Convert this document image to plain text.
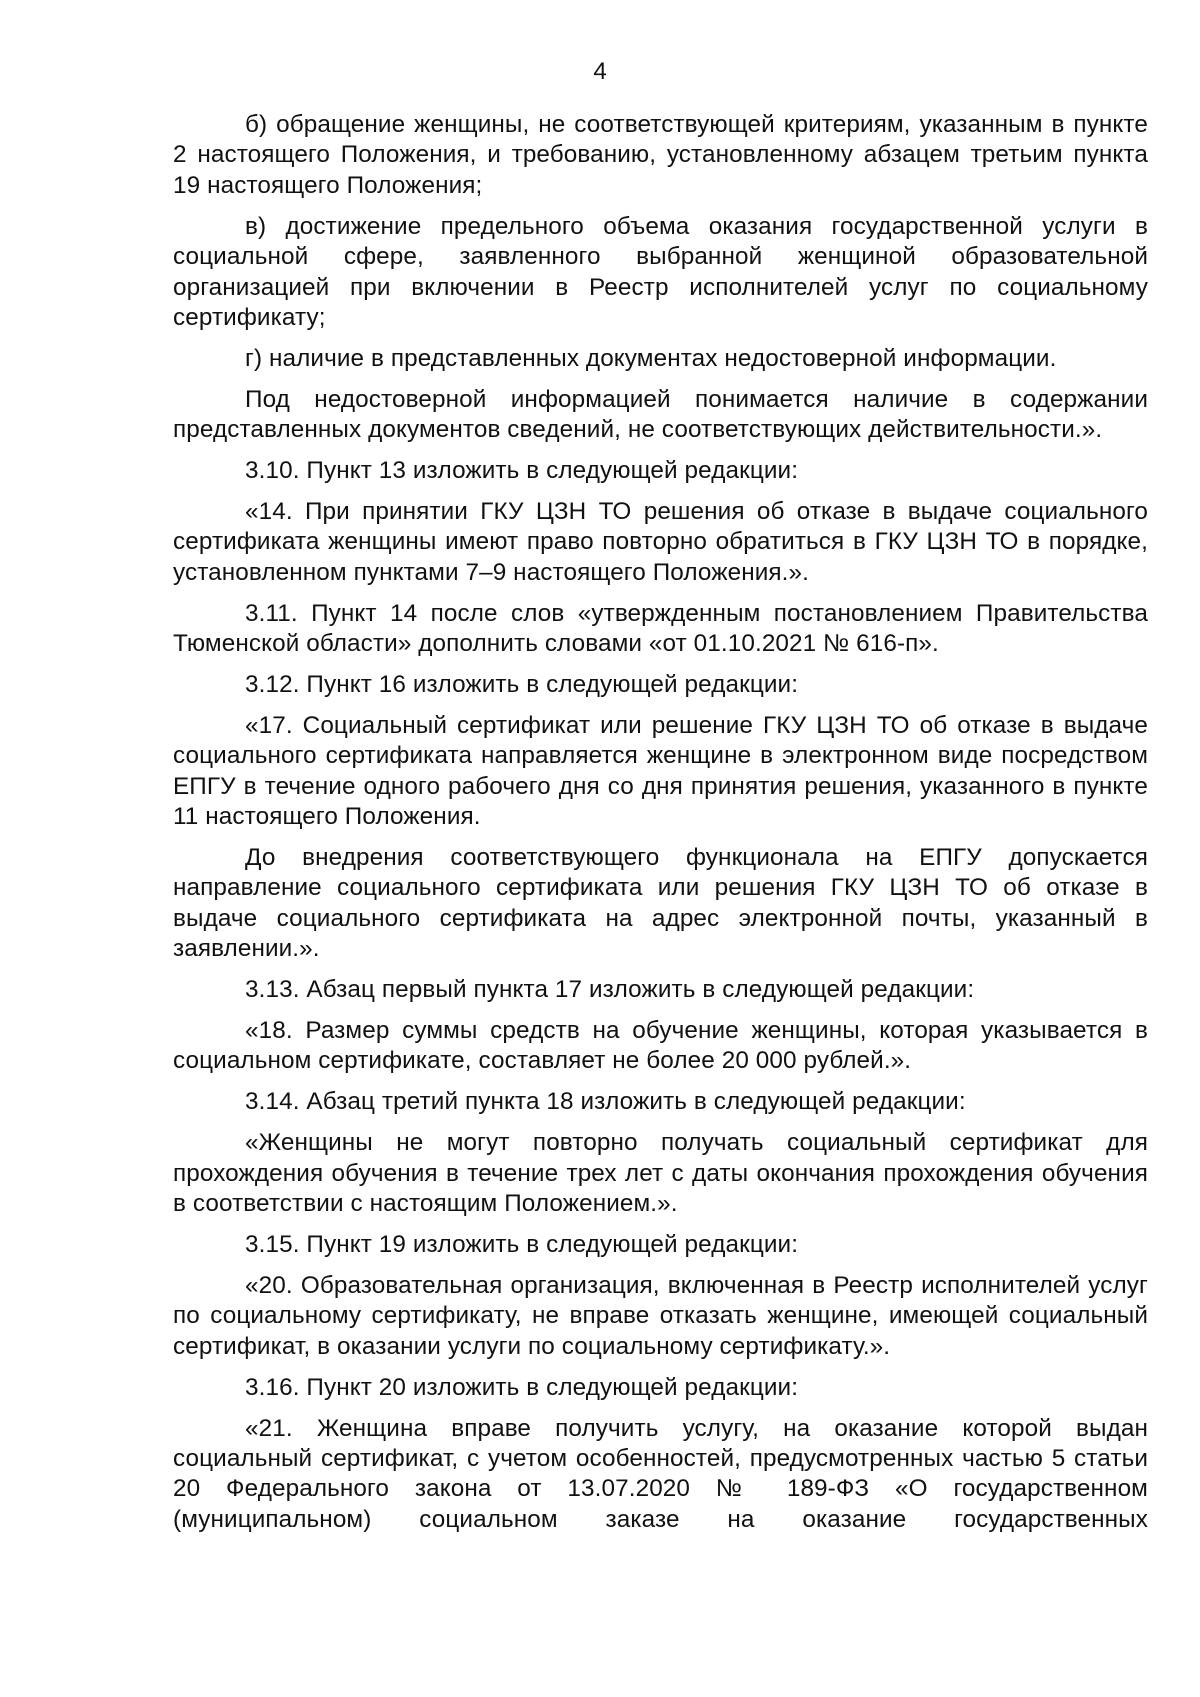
4

б) обращение женщины, не соответствующей критериям, указанным в пункте 2 настоящего Положения, и требованию, установленному абзацем третьим пункта 19 настоящего Положения;

в) достижение предельного объема оказания государственной услуги в социальной сфере, заявленного выбранной женщиной образовательной организацией при включении в Реестр исполнителей услуг по социальному сертификату;

г) наличие в представленных документах недостоверной информации.

Под недостоверной информацией понимается наличие в содержании представленных документов сведений, не соответствующих действительности.».

3.10. Пункт 13 изложить в следующей редакции:

«14. При принятии ГКУ ЦЗН ТО решения об отказе в выдаче социального сертификата женщины имеют право повторно обратиться в ГКУ ЦЗН ТО в порядке, установленном пунктами 7–9 настоящего Положения.».

3.11. Пункт 14 после слов «утвержденным постановлением Правительства Тюменской области» дополнить словами «от 01.10.2021 № 616-п».

3.12. Пункт 16 изложить в следующей редакции:

«17. Социальный сертификат или решение ГКУ ЦЗН ТО об отказе в выдаче социального сертификата направляется женщине в электронном виде посредством ЕПГУ в течение одного рабочего дня со дня принятия решения, указанного в пункте 11 настоящего Положения.

До внедрения соответствующего функционала на ЕПГУ допускается направление социального сертификата или решения ГКУ ЦЗН ТО об отказе в выдаче социального сертификата на адрес электронной почты, указанный в заявлении.».

3.13. Абзац первый пункта 17 изложить в следующей редакции:

«18. Размер суммы средств на обучение женщины, которая указывается в социальном сертификате, составляет не более 20 000 рублей.».

3.14. Абзац третий пункта 18 изложить в следующей редакции:

«Женщины не могут повторно получать социальный сертификат для прохождения обучения в течение трех лет с даты окончания прохождения обучения в соответствии с настоящим Положением.».

3.15. Пункт 19 изложить в следующей редакции:

«20. Образовательная организация, включенная в Реестр исполнителей услуг по социальному сертификату, не вправе отказать женщине, имеющей социальный сертификат, в оказании услуги по социальному сертификату.».

3.16. Пункт 20 изложить в следующей редакции:

«21. Женщина вправе получить услугу, на оказание которой выдан социальный сертификат, с учетом особенностей, предусмотренных частью 5 статьи 20 Федерального закона от 13.07.2020 № 189-ФЗ «О государственном (муниципальном) социальном заказе на оказание государственных
